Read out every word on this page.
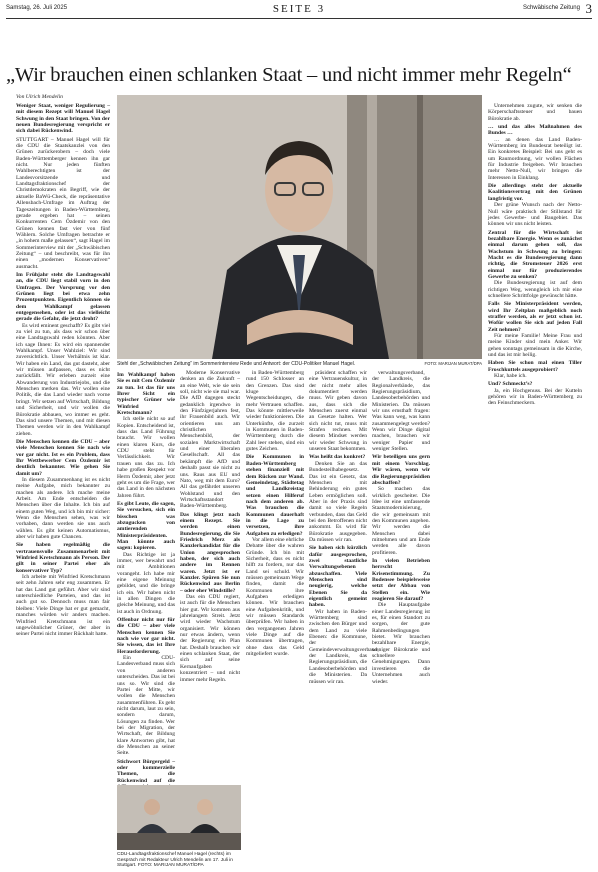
Samstag, 26. Juli 2025	SEITE 3	Schwäbische Zeitung 3
„Wir brauchen einen schlanken Staat – und nicht immer mehr Regeln“
Von Ulrich Mendelin

Weniger Staat, weniger Regulierung – mit diesem Rezept will Manuel Hagel Schwung in den Staat bringen. Von der neuen Bundesregierung verspricht er sich dabei Rückenwind.

STUTTGART – Manuel Hagel will für die CDU die Staatskanzlei von den Grünen zurückerobern – doch viele Baden-Württemberger kennen ihn gar nicht. Nur jeden fünften Wahlberechtigten ist der Landesvorsitzende und Landtagsfraktionschef der Christdemokraten ein Begriff, wie der aktuelle BaWü-Check, die repräsentative Allensbach-Umfrage im Auftrag der Tageszeitungen in Baden-Württemberg, gerade ergeben hat – seinen Konkurrenten Cem Özdemir von den Grünen kennen fast vier von fünf Wählern. Solche Umfragen betrachte er „in hohem maße gelassen“, sagt Hagel im Sommerinterview mit der „Schwäbischen Zeitung“ – und beschreibt, was für ihn einen „modernen Konservativen“ ausmacht.

Im Frühjahr steht die Landtagswahl an, die CDU liegt stabil vorn in den Umfragen. Der Vorsprung vor den Grünen liegt bei etwa zehn Prozentpunkten. Eigentlich können sie dem Wahlkampf gelassen entgegensehen, oder ist das vielleicht gerade die Gefahr, die jetzt droht?

Es wird eminent geschafft? Es gibt viel zu viel zu tun, als dass wir schon über eine Landtagswahl reden könnten. Aber ich sage Ihnen: Es wird ein spannender Wahlkampf. Unser Wahlziel: Wir sind zuversichtlich. Unser Verhältnis ist klar. Wir haben ein Land, das gut dasteht, aber wir müssen aufpassen, dass es nicht zurückfällt. Wir erleben zurzeit eine Abwanderung von Industriejobs, und die Menschen merken das. Wir wollen eine Politik, die das Land wieder nach vorne bringt. Wir setzen auf Wirtschaft, Bildung und Sicherheit, und wir wollen die Bürokratie abbauen, wo immer es geht. Das sind unsere Themen, und mit diesen Themen werden wir in den Wahlkampf ziehen.

Die Menschen kennen die CDU – aber viele Menschen kennen Sie nach wie vor gar nicht. Ist es ein Problem, dass Ihr Wettbewerber Cem Özdemir ist deutlich bekannter. Wie gehen Sie damit um?

In diesem Zusammenhang ist es nicht meine Aufgabe, mich bekannter zu machen als andere. Ich mache meine Arbeit. Am Ende entscheiden die Menschen über die Inhalte. Ich bin auf einem guten Weg, und ich bin mir sicher: Wenn die Menschen sehen, was wir vorhaben, dann werden sie uns auch wählen. Es gibt keinen Automatismus, aber wir haben gute Chancen.

Sie haben regelmäßig die vertrauensvolle Zusammenarbeit mit Winfried Kretschmann als Person. Der gilt in seiner Partei eher als konservativer Typ?

Ich arbeite mit Winfried Kretschmann seit zehn Jahren sehr eng zusammen. Er hat das Land gut geführt. Aber wir sind unterschiedliche Parteien, und das ist auch gut so. Dennoch muss man fair bleiben: Viele Dinge hat er gut gemacht, manches würden wir anders machen. Winfried Kretschmann ist ein ungewöhnlicher Grüner, der aber in seiner Partei nicht immer Rückhalt hatte.

Stehl der „Schwäbischen Zeitung“ im Sommerinterview Rede und Antwort: der CDU-Politiker Manuel Hagel.	FOTO: MARIJAN MURAT/DPA

Im Wahlkampf haben Sie es mit Cem Özdemir zu tun. Ist das für uns Ihrer Sicht ein typischer Grüner wie Winfried Kretschmann?

Ich stelle nicht so auf Kopien. Entscheidend ist, dass das Land Führung braucht. Wir wollen einen klaren Kurs, die CDU steht für Verlässlichkeit. Wir trauen uns das zu. Ich habe großen Respekt vor Herrn Özdemir, aber jetzt geht es um die Frage, wer das Land in den nächsten Jahren führt.

Es gibt Leute, die sagen, Sie versuchen, sich ein bisschen was abzugucken von amtierenden Ministerpräsidenten. Man könnte auch sagen: kopieren.

Das Richtige ist ja immer, wer bewahrt und mit Ambitionen vorangeht. Ich habe mir eine eigene Meinung gebildet, und die bringe ich ein. Wir haben nicht in allen Dingen die gleiche Meinung, und das ist auch in Ordnung.

Offenbar nicht nur für die CDU – aber viele Menschen kennen Sie nach wie vor gar nicht. Sie wissen, das ist Ihre Herausforderung.

Ein CDU-Landesverband muss sich von anderen unterscheiden. Das ist bei uns so. Wir sind die Partei der Mitte, wir wollen die Menschen zusammenführen. Es geht nicht darum, laut zu sein, sondern darum, Lösungen zu finden. Wer bei der Migration, der Wirtschaft, der Bildung klare Antworten gibt, hat die Menschen an seiner Seite.

Stichwort Bürgergeld – oder kommerzielle Themen, die Rückenwind auf die

Moderne Konservative denken an die Zukunft – an eine Welt, wie sie sein soll, nicht wie sie mal war. Die AfD dagegen steckt gedanklich irgendwo in den Fünfzigerjahren fest, ihr Frauenbild auch. Wir orientieren uns am christlichen Menschenbild, der sozialen Marktwirtschaft und einer liberalen Gesellschaft. All das bekämpft die AfD und deshalb passt sie nicht zu uns. Raus aus EU und Nato, weg mit dem Euro? All das gefährdet unseren Wohlstand und den Wirtschaftsstandort Baden-Württemberg.

Das klingt jetzt nach einem Rezept. Sie werden einen Bundesregierung, die Sie Friedrich Merz als Kanzlerkandidat für die Union angesprochen haben, der sich auch andere im Rennen waren. Jetzt ist er Kanzler. Spüren Sie nun Rückenwind aus Berlin – oder eher Windstille?

Das ein CDU regiert, ist auch für die Menschen hier gut. Wir kommen aus jahrelangem Streit. Jetzt wird wieder Wachstum organisiert. Wir können nur etwas ändern, wenn der Regierung ein Plan hat. Deshalb brauchen wir einen schlanken Staat, der sich auf seine Kernaufgaben konzentriert – und nicht immer mehr Regeln.

in Baden-Württemberg rund 150 Schlosser an den Grenzen. Das sind kluge Wegentscheidungen, die mehr Vertrauen schaffen. Das könnte mittlerweile wieder funktionieren. Die Unterkünfte, die zurzeit in Kommunen in Baden-Württemberg durch die Zahl leer stehen, sind ein gutes Zeichen.

Die Kommunen in Baden-Württemberg stehen finanziell mit dem Rücken zur Wand. Gemeindetag, Städtetag und Landkreistag setzen einen Hilferuf nach dem anderen ab. Was brauchen die Kommunen dauerhaft in die Lage zu versetzen, ihre Aufgaben zu erledigen?

Vor allem eine ehrliche Debatte über die wahren Gründe. Ich bin mit Sicherheit, dass es nicht hilft zu fordern, nur das Land sei schuld. Wir müssen gemeinsam Wege finden, damit die Kommunen ihre Aufgaben erledigen können. Wir brauchen eine Aufgabenkritik, und wir müssen Standards überprüfen. Wir haben in den vergangenen Jahren viele Dinge auf die Kommunen übertragen, ohne dass das Geld mitgeliefert wurde.

präsident schaffen wir eine Vertrauenskultur, in der nicht mehr alles dokumentiert werden muss. Wir geben davon aus, dass sich die Menschen zuerst einmal an Gesetze halten. Wer sich nicht tut, muss mit Strafen rechnen. Mit diesem Mindset werden wir wieder Schwung in unseren Staat bekommen.

Was heißt das konkret?

Denken Sie an das Bundesteilhabegesetz. Das ist ein Gesetz, das Menschen mit Behinderung ein gutes Leben ermöglichen soll. Aber in der Praxis sind damit so viele Regeln verbunden, dass das Geld bei den Betroffenen nicht ankommt. Es wird für Bürokratie ausgegeben. Da müssen wir ran.

Sie haben sich kürzlich dafür ausgesprochen, zwei staatliche Verwaltungsebenen abzuschaffen. Viele Menschen sind neugierig, welche Ebenen Sie da eigentlich gemeint haben.

Wir haben in Baden-Württemberg sind zwischen den Bürger und dem Land zu viele Ebenen: die Kommune, der Gemeindeverwaltungsverband, der Landkreis, das Regierungspräsidium, die Landesoberbehörden und die Ministerien. Da müssen wir ran.

verwaltungsverband, der Landkreis, die Regionalverbände, das Regierungspräsidium, Landesoberbehörden und Ministerien. Da müssen wir uns ernsthaft fragen: Was kann weg, was kann zusammengelegt werden? Wenn wir Dinge digital machen, brauchen wir weniger Papier und weniger Stellen.

Wir beteiligen uns gern mit einem Vorschlag. Wir wären, wenn wir die Regierungspräsidien abschaffen?

So machen das wirklich gescheiter. Die Idee ist eine umfassende Staatsmodernisierung, die wir gemeinsam mit den Kommunen angehen. Wir werden die Menschen dabei mitnehmen und am Ende werden alle davon profitieren.

In vielen Betrieben herrscht Krisenstimmung. Zu Bodensee beispielsweise setzt der Abbau von Stellen ein. Wie reagieren Sie darauf?

Die Hauptaufgabe einer Landesregierung ist es, für einen Standort zu sorgen, der gute Rahmenbedingungen bietet. Wir brauchen bezahlbare Energie, weniger Bürokratie und schnellere Genehmigungen. Dann investieren die Unternehmen auch wieder.

Unternehmen zugute, wir senken die Körperschaftssteuer und bauen Bürokratie ab.

… und das alles Maßnahmen des Bundes …

… an denen das Land Baden-Württemberg im Bundesrat beteiligt ist. Ein konkretes Beispiel: Bei uns geht es um Raumordnung, wir wollen Flächen für Industrie freigeben. Wir brauchen mehr Netto-Null, wir bringen die Interessen in Einklang.

Die allerdings steht der aktuelle Koalitionsvertrag mit den Grünen langfristig vor.

Der grüne Wunsch nach der Netto-Null wäre praktisch der Stillstand für jedes Gewerbe- und Baugebiet. Das können wir uns nicht leisten.

Zentral für die Wirtschaft ist bezahlbare Energie. Wenn es zunächst einmal darum gehen soll, das Wachstum in Schwung zu bringen: Macht es die Bundesregierung dann richtig, die Stromsteuer 2026 erst einmal nur für produzierendes Gewerbe zu senken?

Die Bundesregierung ist auf dem richtigen Weg, wenngleich ich mir eine schnellere Schrittfolge gewünscht hätte.

Falls Sie Ministerpräsident werden, wird Ihr Zeitplan maßgeblich noch straffer werden, als er jetzt schon ist. Wofür wollen Sie sich auf jeden Fall Zeit nehmen?

Für meine Familie! Meine Frau und meine Kinder sind mein Anker. Wir gehen sonntags gemeinsam in die Kirche, und das ist mir heilig.

Haben Sie schon mal einen Tiller Froschkuttels ausgeprobiert?

Klar, habe ich.

Und? Schmeckt’s?

Ja, ein Hochgenuss. Bei der Kutteln gehören wir in Baden-Württemberg zu den Feinschmeckern.

CDU-Landtagsfraktionschef Manuel Hagel (rechts) im Gespräch mit Redakteur Ulrich Mendelin am 17. Juli in Stuttgart. FOTO: MARIJAN MURAT/DPA
